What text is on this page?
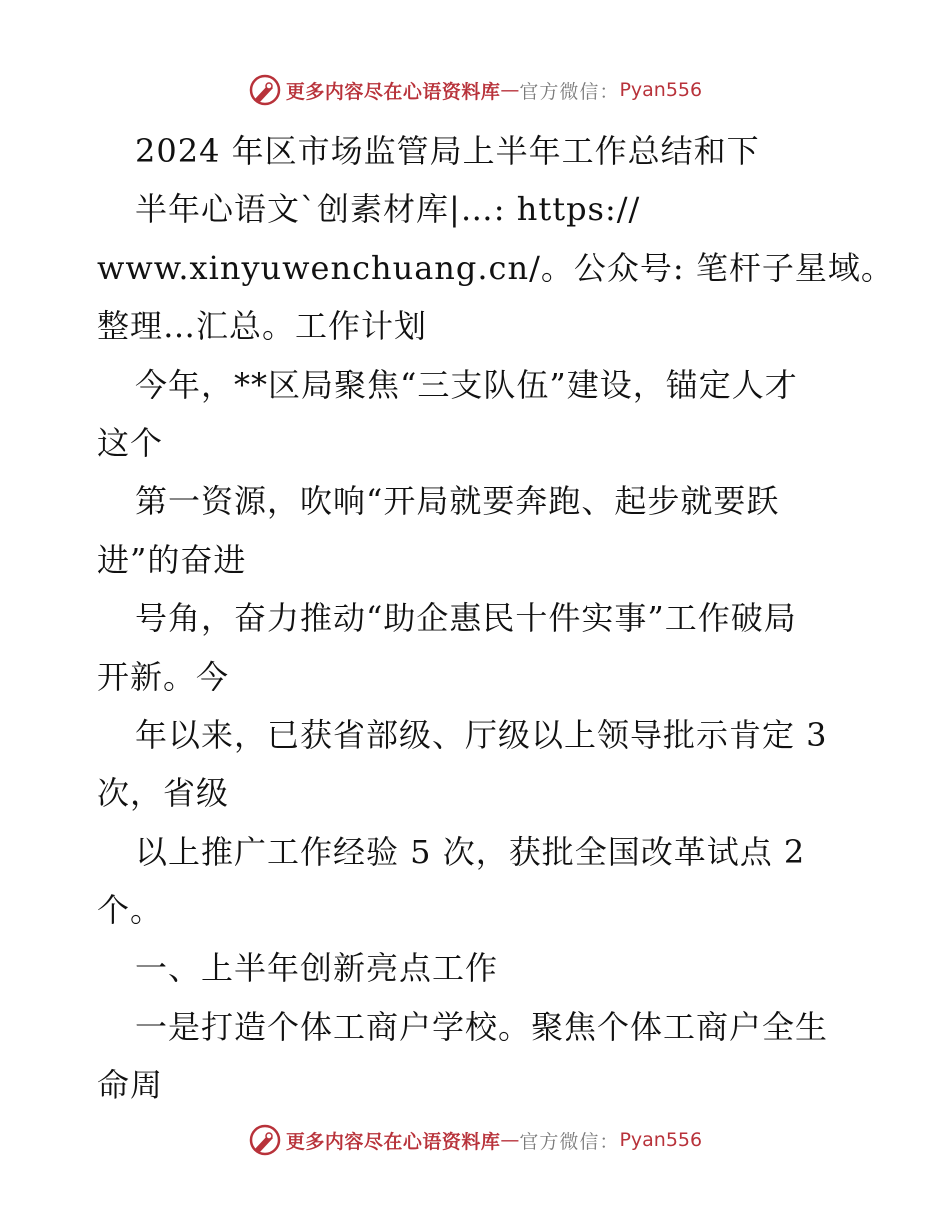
更多内容尽在心语资料库 — 官方微信： Pyan556
2024 年区市场监管局上半年工作总结和下
半年心语文`创素材库|…: https://
www.xinyuwenchuang.cn/。公众号: 笔杆子星域。
整理…汇总。工作计划
今年，**区局聚焦“三支队伍”建设，锚定人才
这个
第一资源，吹响“开局就要奔跑、起步就要跃
进”的奋进
号角，奋力推动“助企惠民十件实事”工作破局
开新。今
年以来，已获省部级、厅级以上领导批示肯定 3
次，省级
以上推广工作经验 5 次，获批全国改革试点 2
个。
一、上半年创新亮点工作
一是打造个体工商户学校。聚焦个体工商户全生
命周
更多内容尽在心语资料库 — 官方微信： Pyan556
